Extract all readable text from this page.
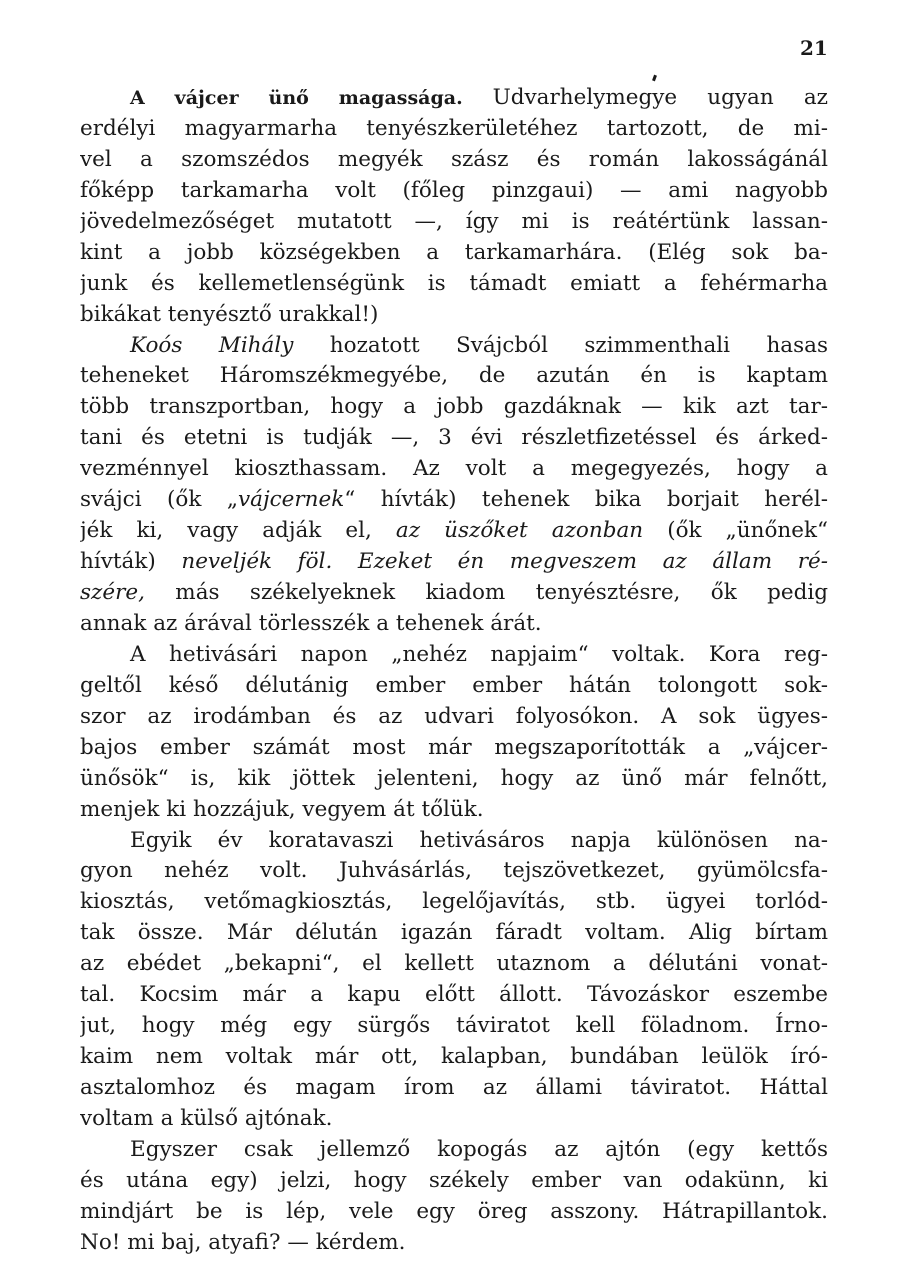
21
A vájcer ünő magassága. Udvarhelymegye ugyan az
erdélyi magyarmarha tenyészkerületéhez tartozott, de mi-
vel a szomszédos megyék szász és román lakosságánál
főképp tarkamarha volt (főleg pinzgaui) — ami nagyobb
jövedelmezőséget mutatott —, így mi is reátértünk lassan-
kint a jobb községekben a tarkamarhára. (Elég sok ba-
junk és kellemetlenségünk is támadt emiatt a fehérmarha
bikákat tenyésztő urakkal!)
Koós Mihály hozatott Svájcból szimmenthali hasas
teheneket Háromszékmegyébe, de azután én is kaptam
több transzportban, hogy a jobb gazdáknak — kik azt tar-
tani és etetni is tudják —, 3 évi részletfizetéssel és árked-
vezménnyel kioszthassam. Az volt a megegyezés, hogy a
svájci (ők „vájcernek“ hívták) tehenek bika borjait herél-
jék ki, vagy adják el, az üszőket azonban (ők „ünőnek“
hívták) neveljék föl. Ezeket én megveszem az állam ré-
szére, más székelyeknek kiadom tenyésztésre, ők pedig
annak az árával törlesszék a tehenek árát.
A hetivásári napon „nehéz napjaim“ voltak. Kora reg-
geltől késő délutánig ember ember hátán tolongott sok-
szor az irodámban és az udvari folyosókon. A sok ügyes-
bajos ember számát most már megszaporították a „vájcer-
ünősök“ is, kik jöttek jelenteni, hogy az ünő már felnőtt,
menjek ki hozzájuk, vegyem át tőlük.
Egyik év koratavaszi hetivásáros napja különösen na-
gyon nehéz volt. Juhvásárlás, tejszövetkezet, gyümölcsfa-
kiosztás, vetőmagkiosztás, legelőjavítás, stb. ügyei torlód-
tak össze. Már délután igazán fáradt voltam. Alig bírtam
az ebédet „bekapni“, el kellett utaznom a délutáni vonat-
tal. Kocsim már a kapu előtt állott. Távozáskor eszembe
jut, hogy még egy sürgős táviratot kell föladnom. Írno-
kaim nem voltak már ott, kalapban, bundában leülök író-
asztalomhoz és magam írom az állami táviratot. Háttal
voltam a külső ajtónak.
Egyszer csak jellemző kopogás az ajtón (egy kettős
és utána egy) jelzi, hogy székely ember van odakünn, ki
mindjárt be is lép, vele egy öreg asszony. Hátrapillantok.
No! mi baj, atyafi? — kérdem.
